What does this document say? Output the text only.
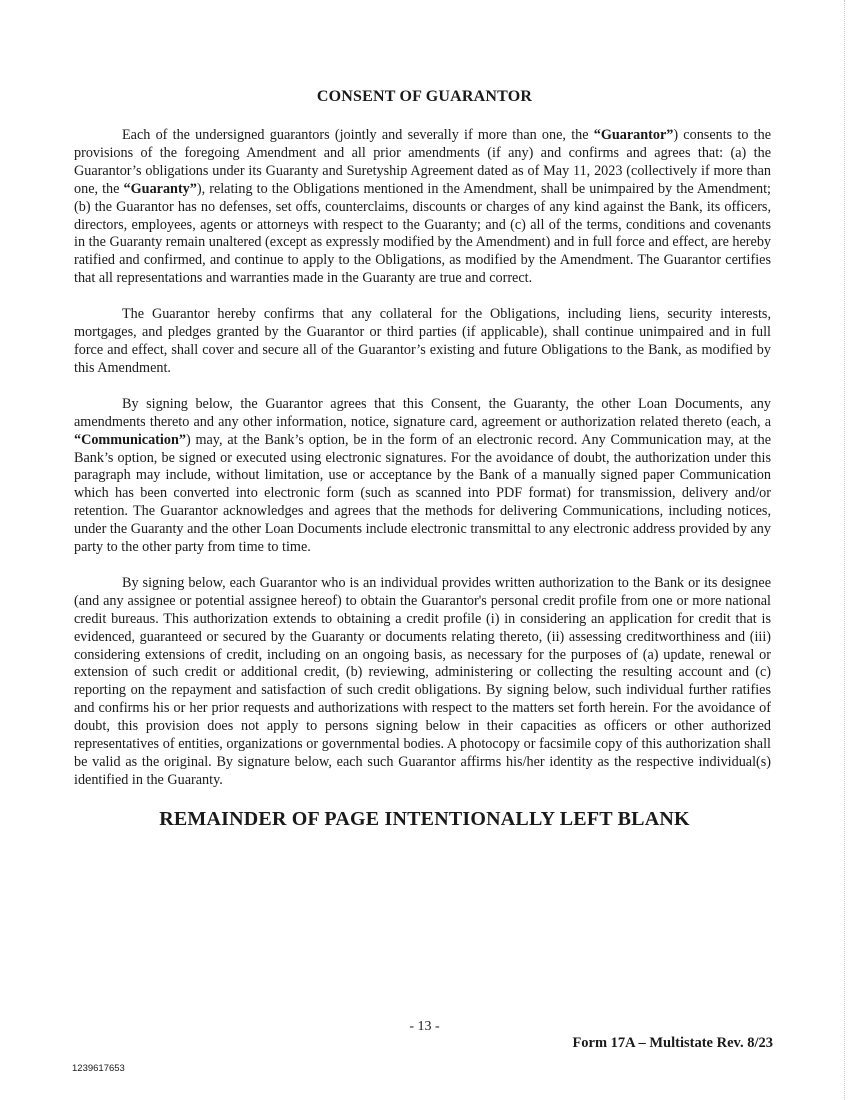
CONSENT OF GUARANTOR

Each of the undersigned guarantors (jointly and severally if more than one, the “Guarantor”) consents to the provisions of the foregoing Amendment and all prior amendments (if any) and confirms and agrees that: (a) the Guarantor’s obligations under its Guaranty and Suretyship Agreement dated as of May 11, 2023 (collectively if more than one, the “Guaranty”), relating to the Obligations mentioned in the Amendment, shall be unimpaired by the Amendment; (b) the Guarantor has no defenses, set offs, counterclaims, discounts or charges of any kind against the Bank, its officers, directors, employees, agents or attorneys with respect to the Guaranty; and (c) all of the terms, conditions and covenants in the Guaranty remain unaltered (except as expressly modified by the Amendment) and in full force and effect, are hereby ratified and confirmed, and continue to apply to the Obligations, as modified by the Amendment. The Guarantor certifies that all representations and warranties made in the Guaranty are true and correct.

The Guarantor hereby confirms that any collateral for the Obligations, including liens, security interests, mortgages, and pledges granted by the Guarantor or third parties (if applicable), shall continue unimpaired and in full force and effect, shall cover and secure all of the Guarantor’s existing and future Obligations to the Bank, as modified by this Amendment.

By signing below, the Guarantor agrees that this Consent, the Guaranty, the other Loan Documents, any amendments thereto and any other information, notice, signature card, agreement or authorization related thereto (each, a “Communication”) may, at the Bank’s option, be in the form of an electronic record. Any Communication may, at the Bank’s option, be signed or executed using electronic signatures. For the avoidance of doubt, the authorization under this paragraph may include, without limitation, use or acceptance by the Bank of a manually signed paper Communication which has been converted into electronic form (such as scanned into PDF format) for transmission, delivery and/or retention. The Guarantor acknowledges and agrees that the methods for delivering Communications, including notices, under the Guaranty and the other Loan Documents include electronic transmittal to any electronic address provided by any party to the other party from time to time.

By signing below, each Guarantor who is an individual provides written authorization to the Bank or its designee (and any assignee or potential assignee hereof) to obtain the Guarantor's personal credit profile from one or more national credit bureaus. This authorization extends to obtaining a credit profile (i) in considering an application for credit that is evidenced, guaranteed or secured by the Guaranty or documents relating thereto, (ii) assessing creditworthiness and (iii) considering extensions of credit, including on an ongoing basis, as necessary for the purposes of (a) update, renewal or extension of such credit or additional credit, (b) reviewing, administering or collecting the resulting account and (c) reporting on the repayment and satisfaction of such credit obligations. By signing below, such individual further ratifies and confirms his or her prior requests and authorizations with respect to the matters set forth herein. For the avoidance of doubt, this provision does not apply to persons signing below in their capacities as officers or other authorized representatives of entities, organizations or governmental bodies. A photocopy or facsimile copy of this authorization shall be valid as the original. By signature below, each such Guarantor affirms his/her identity as the respective individual(s) identified in the Guaranty.

REMAINDER OF PAGE INTENTIONALLY LEFT BLANK
- 13 -
Form 17A – Multistate Rev. 8/23
1239617653
